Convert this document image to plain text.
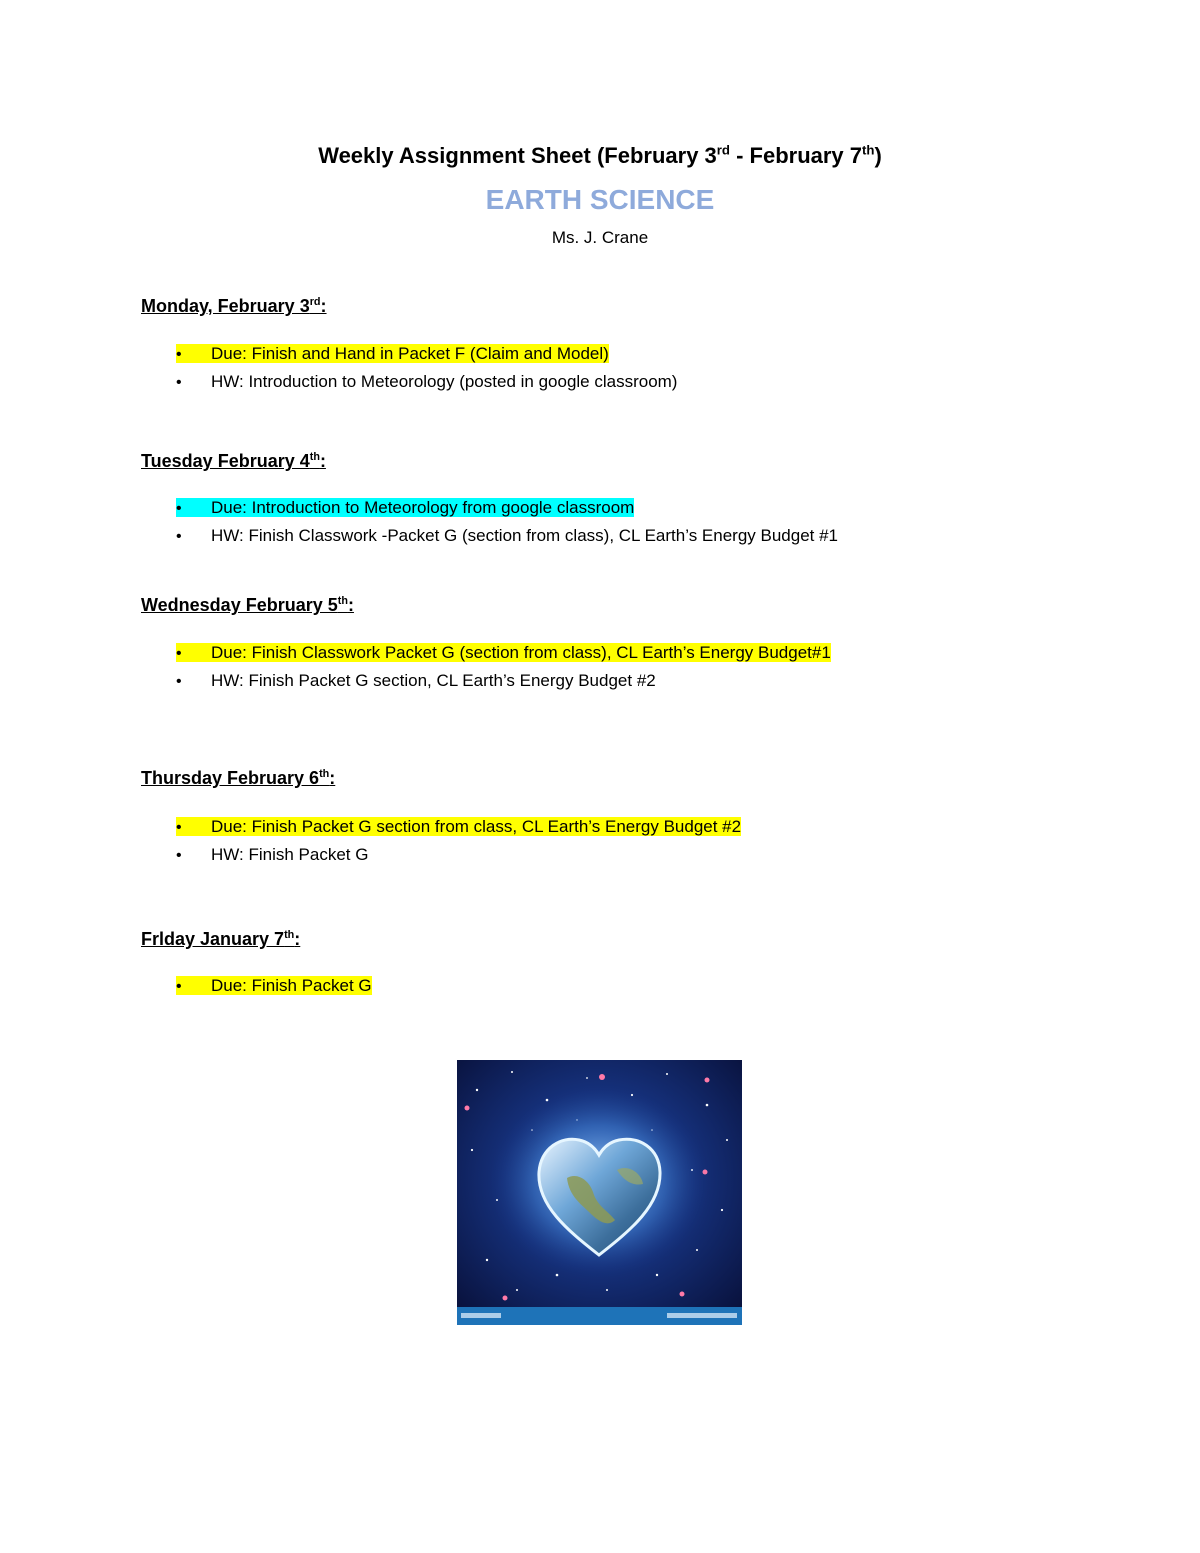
Weekly Assignment Sheet (February 3rd - February 7th)
EARTH SCIENCE
Ms. J. Crane
Monday, February 3rd:
• Due: Finish and Hand in Packet F (Claim and Model)
• HW: Introduction to Meteorology (posted in google classroom)
Tuesday February 4th:
• Due: Introduction to Meteorology from google classroom
• HW: Finish Classwork -Packet G (section from class), CL Earth’s Energy Budget #1
Wednesday February 5th:
• Due: Finish Classwork Packet G (section from class), CL Earth’s Energy Budget#1
• HW: Finish Packet G section, CL Earth’s Energy Budget #2
Thursday February 6th:
• Due: Finish Packet G section from class, CL Earth’s Energy Budget #2
• HW: Finish Packet G
Frlday January 7th:
• Due: Finish Packet G
